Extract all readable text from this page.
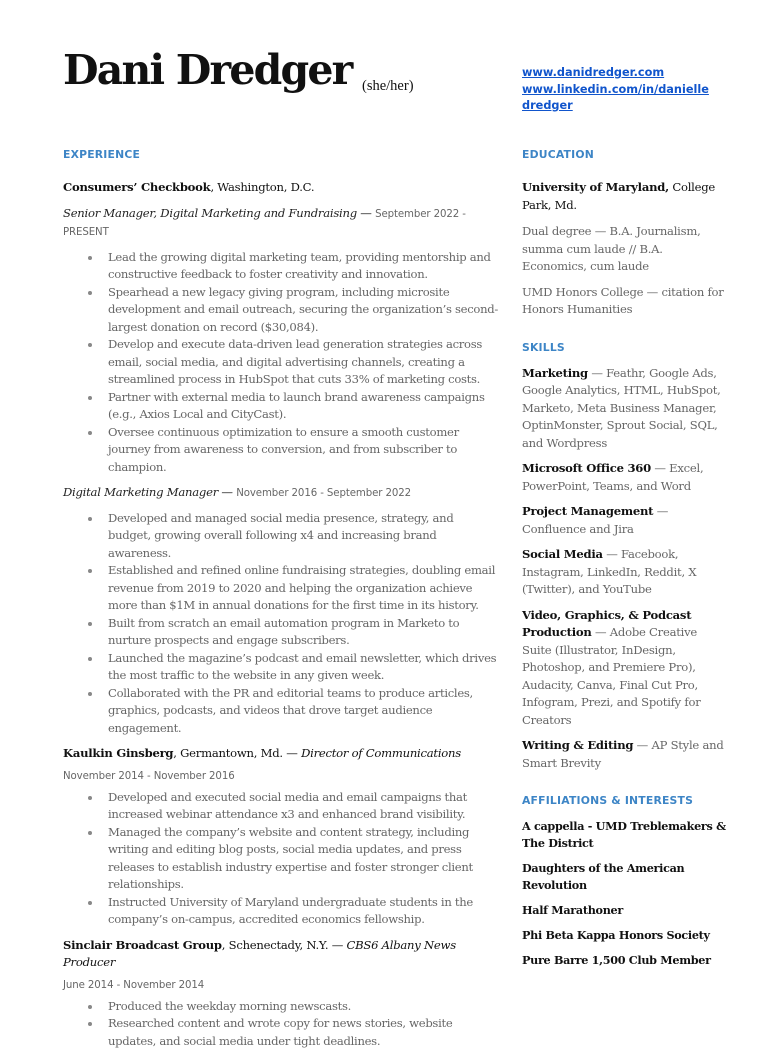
Dani Dredger (she/her)
www.danidredger.com
www.linkedin.com/in/danielle
dredger
EXPERIENCE
Consumers’ Checkbook, Washington, D.C.
Senior Manager, Digital Marketing and Fundraising — September 2022 - PRESENT
Lead the growing digital marketing team, providing mentorship and constructive feedback to foster creativity and innovation.
Spearhead a new legacy giving program, including microsite development and email outreach, securing the organization’s second-largest donation on record ($30,084).
Develop and execute data-driven lead generation strategies across email, social media, and digital advertising channels, creating a streamlined process in HubSpot that cuts 33% of marketing costs.
Partner with external media to launch brand awareness campaigns (e.g., Axios Local and CityCast).
Oversee continuous optimization to ensure a smooth customer journey from awareness to conversion, and from subscriber to champion.
Digital Marketing Manager — November 2016 - September 2022
Developed and managed social media presence, strategy, and budget, growing overall following x4 and increasing brand awareness.
Established and refined online fundraising strategies, doubling email revenue from 2019 to 2020 and helping the organization achieve more than $1M in annual donations for the first time in its history.
Built from scratch an email automation program in Marketo to nurture prospects and engage subscribers.
Launched the magazine’s podcast and email newsletter, which drives the most traffic to the website in any given week.
Collaborated with the PR and editorial teams to produce articles, graphics, podcasts, and videos that drove target audience engagement.
Kaulkin Ginsberg, Germantown, Md. — Director of Communications
November 2014 - November 2016
Developed and executed social media and email campaigns that increased webinar attendance x3 and enhanced brand visibility.
Managed the company’s website and content strategy, including writing and editing blog posts, social media updates, and press releases to establish industry expertise and foster stronger client relationships.
Instructed University of Maryland undergraduate students in the company’s on-campus, accredited economics fellowship.
Sinclair Broadcast Group, Schenectady, N.Y. — CBS6 Albany News Producer
June 2014 - November 2014
Produced the weekday morning newscasts.
Researched content and wrote copy for news stories, website updates, and social media under tight deadlines.
EDUCATION
University of Maryland, College Park, Md.
Dual degree — B.A. Journalism, summa cum laude // B.A. Economics, cum laude
UMD Honors College — citation for Honors Humanities
SKILLS
Marketing — Feathr, Google Ads, Google Analytics, HTML, HubSpot, Marketo, Meta Business Manager, OptinMonster, Sprout Social, SQL, and Wordpress
Microsoft Office 360 — Excel, PowerPoint, Teams, and Word
Project Management — Confluence and Jira
Social Media — Facebook, Instagram, LinkedIn, Reddit, X (Twitter), and YouTube
Video, Graphics, & Podcast Production — Adobe Creative Suite (Illustrator, InDesign, Photoshop, and Premiere Pro), Audacity, Canva, Final Cut Pro, Infogram, Prezi, and Spotify for Creators
Writing & Editing — AP Style and Smart Brevity
AFFILIATIONS & INTERESTS
A cappella - UMD Treblemakers & The District
Daughters of the American Revolution
Half Marathoner
Phi Beta Kappa Honors Society
Pure Barre 1,500 Club Member
